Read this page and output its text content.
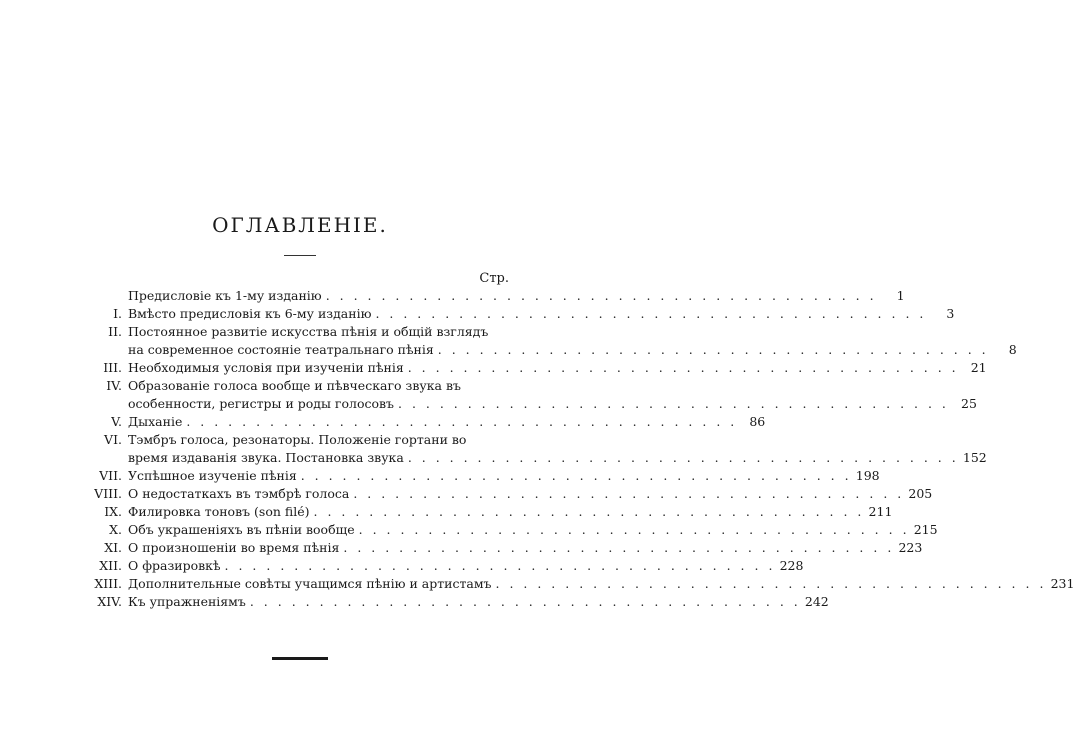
ОГЛАВЛЕНІЕ.
Стр.
Предисловіе къ 1-му изданію . . . . . . . . . . . . . . . . . . . . . . . . . . . . . . . . . . . . . . . .	1
I. Вмѣсто предисловія къ 6-му изданію . . . . . . . . . . . . . . . . . . . . . . . . . . . . . . . . . . . . . . . .	3
II. Постоянное развитіе искусства пѣнія и общій взглядъ
на современное состояніе театральнаго пѣнія . . . . . . . . . . . . . . . . . . . . . . . . . . . . . . . . . . . . . . . .	8
III. Необходимыя условія при изученіи пѣнія . . . . . . . . . . . . . . . . . . . . . . . . . . . . . . . . . . . . . . . . 21
IV. Образованіе голоса вообще и пѣвческаго звука въ
особенности, регистры и роды голосовъ . . . . . . . . . . . . . . . . . . . . . . . . . . . . . . . . . . . . . . . . 25
V. Дыханіе . . . . . . . . . . . . . . . . . . . . . . . . . . . . . . . . . . . . . . . . 86
VI. Тэмбръ голоса, резонаторы. Положеніе гортани во
время издаванія звука. Постановка звука . . . . . . . . . . . . . . . . . . . . . . . . . . . . . . . . . . . . . . . . 152
VII. Успѣшное изученіе пѣнія . . . . . . . . . . . . . . . . . . . . . . . . . . . . . . . . . . . . . . . . 198
VIII. О недостаткахъ въ тэмбрѣ голоса . . . . . . . . . . . . . . . . . . . . . . . . . . . . . . . . . . . . . . . . 205
IX. Филировка тоновъ (son filé) . . . . . . . . . . . . . . . . . . . . . . . . . . . . . . . . . . . . . . . . 211
X. Объ украшеніяхъ въ пѣніи вообще . . . . . . . . . . . . . . . . . . . . . . . . . . . . . . . . . . . . . . . . 215
XI. О произношеніи во время пѣнія . . . . . . . . . . . . . . . . . . . . . . . . . . . . . . . . . . . . . . . . 223
XII. О фразировкѣ . . . . . . . . . . . . . . . . . . . . . . . . . . . . . . . . . . . . . . . . 228
XIII. Дополнительные совѣты учащимся пѣнію и артистамъ . . . . . . . . . . . . . . . . . . . . . . . . . . . . . . . . . . . . . . . . 231
XIV. Къ упражненіямъ . . . . . . . . . . . . . . . . . . . . . . . . . . . . . . . . . . . . . . . . 242
